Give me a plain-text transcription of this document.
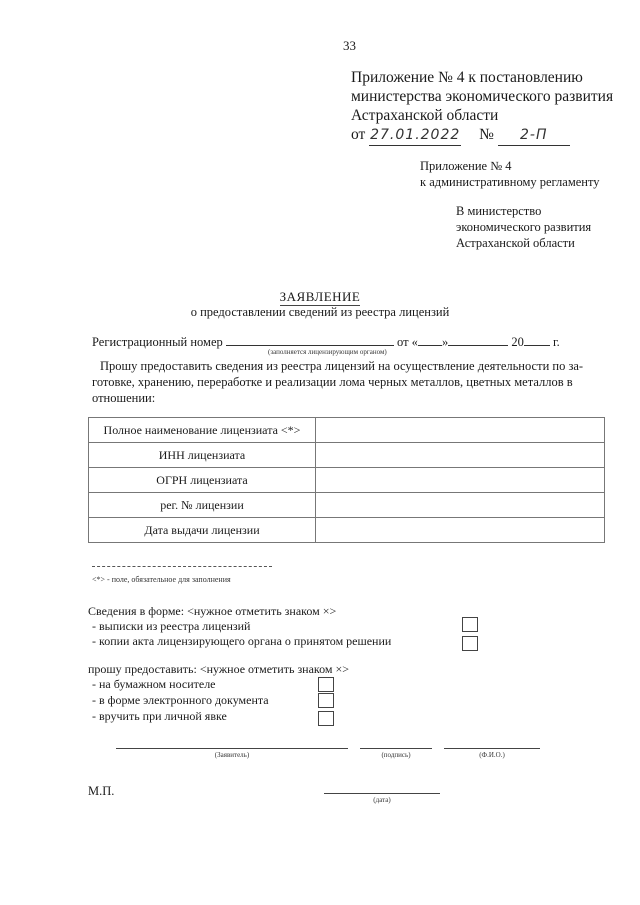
33
Приложение № 4 к постановлению
министерства экономического развития
Астраханской области
от 27.01.2022 № 2-П
Приложение № 4
к административному регламенту
В министерство
экономического развития
Астраханской области
ЗАЯВЛЕНИЕ
о предоставлении сведений из реестра лицензий
Регистрационный номер	от « »	20 г.
(заполняется лицензирующим органом)
Прошу предоставить сведения из реестра лицензий на осуществление деятельности по за-
готовке, хранению, переработке и реализации лома черных металлов, цветных металлов в
отношении:
Полное наименование лицензиата <*>	
ИНН лицензиата	
ОГРН лицензиата	
рег. № лицензии	
Дата выдачи лицензии	
<*> - поле, обязательное для заполнения
Сведения в форме: <нужное отметить знаком ×>
- выписки из реестра лицензий
- копии акта лицензирующего органа о принятом решении
прошу предоставить: <нужное отметить знаком ×>
- на бумажном носителе
- в форме электронного документа
- вручить при личной явке
(Заявитель)	(подпись)	(Ф.И.О.)
М.П.
(дата)
